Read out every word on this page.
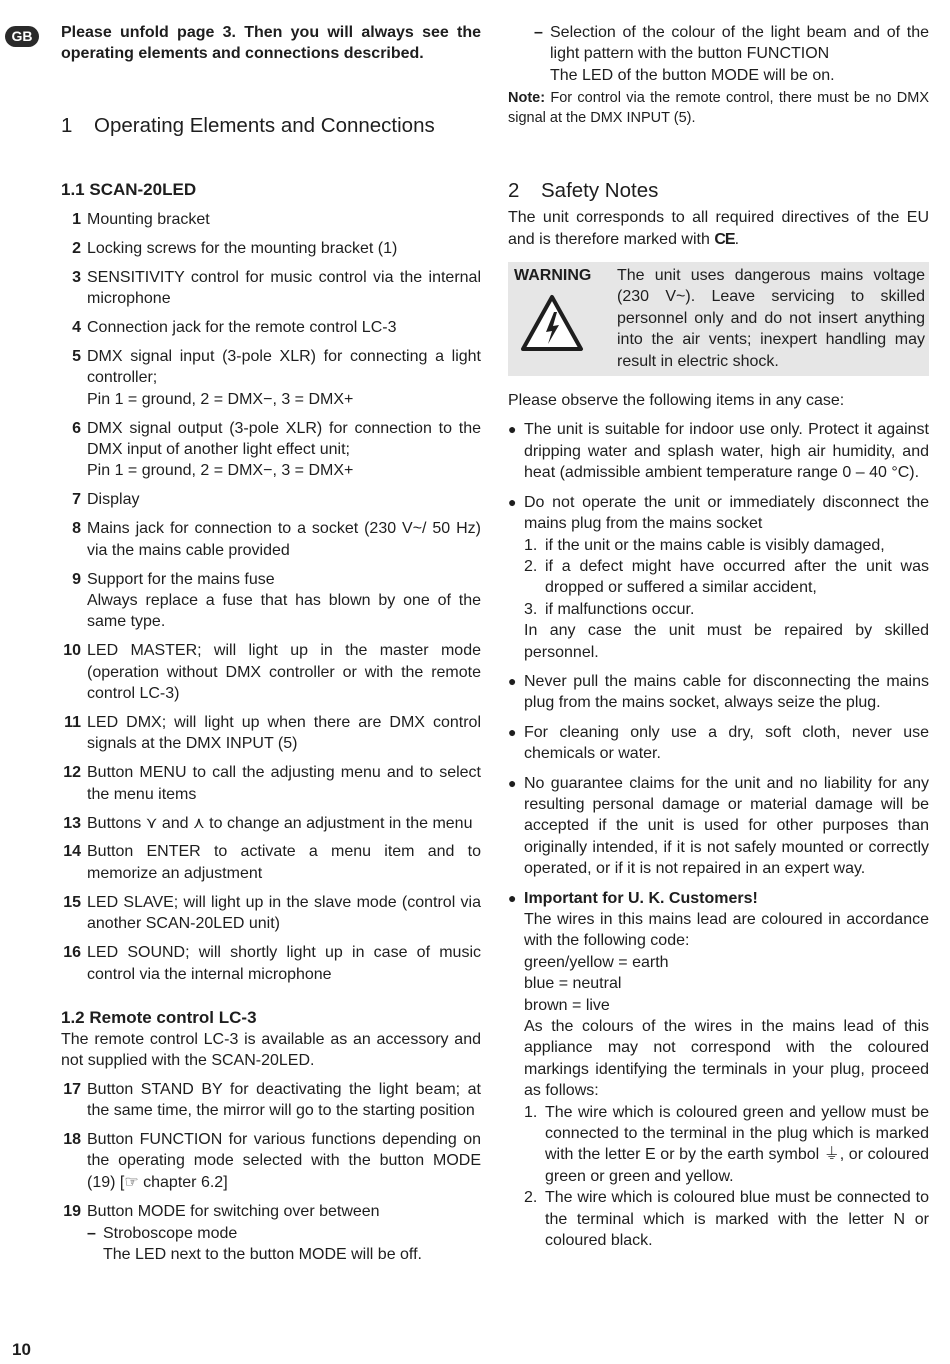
GB	Please unfold page 3. Then you will always see the operating elements and connections described.

1 Operating Elements and Connections
1.1 SCAN-20LED
1 Mounting bracket
2 Locking screws for the mounting bracket (1)
3 SENSITIVITY control for music control via the internal microphone
4 Connection jack for the remote control LC-3
5 DMX signal input (3-pole XLR) for connecting a light controller;
Pin 1 = ground, 2 = DMX−, 3 = DMX+
6 DMX signal output (3-pole XLR) for connection to the DMX input of another light effect unit;
Pin 1 = ground, 2 = DMX−, 3 = DMX+
7 Display
8 Mains jack for connection to a socket (230 V~/ 50 Hz) via the mains cable provided
9 Support for the mains fuse
Always replace a fuse that has blown by one of the same type.
10 LED MASTER; will light up in the master mode (operation without DMX controller or with the remote control LC-3)
11 LED DMX; will light up when there are DMX control signals at the DMX INPUT (5)
12 Button MENU to call the adjusting menu and to select the menu items
13 Buttons ⋎ and ⋏ to change an adjustment in the menu
14 Button ENTER to activate a menu item and to memorize an adjustment
15 LED SLAVE; will light up in the slave mode (control via another SCAN-20LED unit)
16 LED SOUND; will shortly light up in case of music control via the internal microphone
1.2 Remote control LC-3

The remote control LC-3 is available as an accessory and not supplied with the SCAN-20LED.

17 Button STAND BY for deactivating the light beam; at the same time, the mirror will go to the starting position
18 Button FUNCTION for various functions depending on the operating mode selected with the button MODE (19) [☞ chapter 6.2]
19 Button MODE for switching over between
– Stroboscope mode
The LED next to the button MODE will be off.
– Selection of the colour of the light beam and of the light pattern with the button FUNCTION
The LED of the button MODE will be on.

Note: For control via the remote control, there must be no DMX signal at the DMX INPUT (5).

2 Safety Notes

The unit corresponds to all required directives of the EU and is therefore marked with CE.

WARNING	The unit uses dangerous mains voltage (230 V~). Leave servicing to skilled personnel only and do not insert anything into the air vents; inexpert handling may result in electric shock.

Please observe the following items in any case:

● The unit is suitable for indoor use only. Protect it against dripping water and splash water, high air humidity, and heat (admissible ambient temperature range 0 – 40 °C).
● Do not operate the unit or immediately disconnect the mains plug from the mains socket
1. if the unit or the mains cable is visibly damaged,
2. if a defect might have occurred after the unit was dropped or suffered a similar accident,
3. if malfunctions occur.
In any case the unit must be repaired by skilled personnel.
● Never pull the mains cable for disconnecting the mains plug from the mains socket, always seize the plug.
● For cleaning only use a dry, soft cloth, never use chemicals or water.
● No guarantee claims for the unit and no liability for any resulting personal damage or material damage will be accepted if the unit is used for other purposes than originally intended, if it is not safely mounted or correctly operated, or if it is not repaired in an expert way.
● Important for U. K. Customers!
The wires in this mains lead are coloured in accordance with the following code:
green/yellow = earth
blue = neutral
brown = live
As the colours of the wires in the mains lead of this appliance may not correspond with the coloured markings identifying the terminals in your plug, proceed as follows:
1. The wire which is coloured green and yellow must be connected to the terminal in the plug which is marked with the letter E or by the earth symbol ⏚, or coloured green or green and yellow.
2. The wire which is coloured blue must be connected to the terminal which is marked with the letter N or coloured black.
10
